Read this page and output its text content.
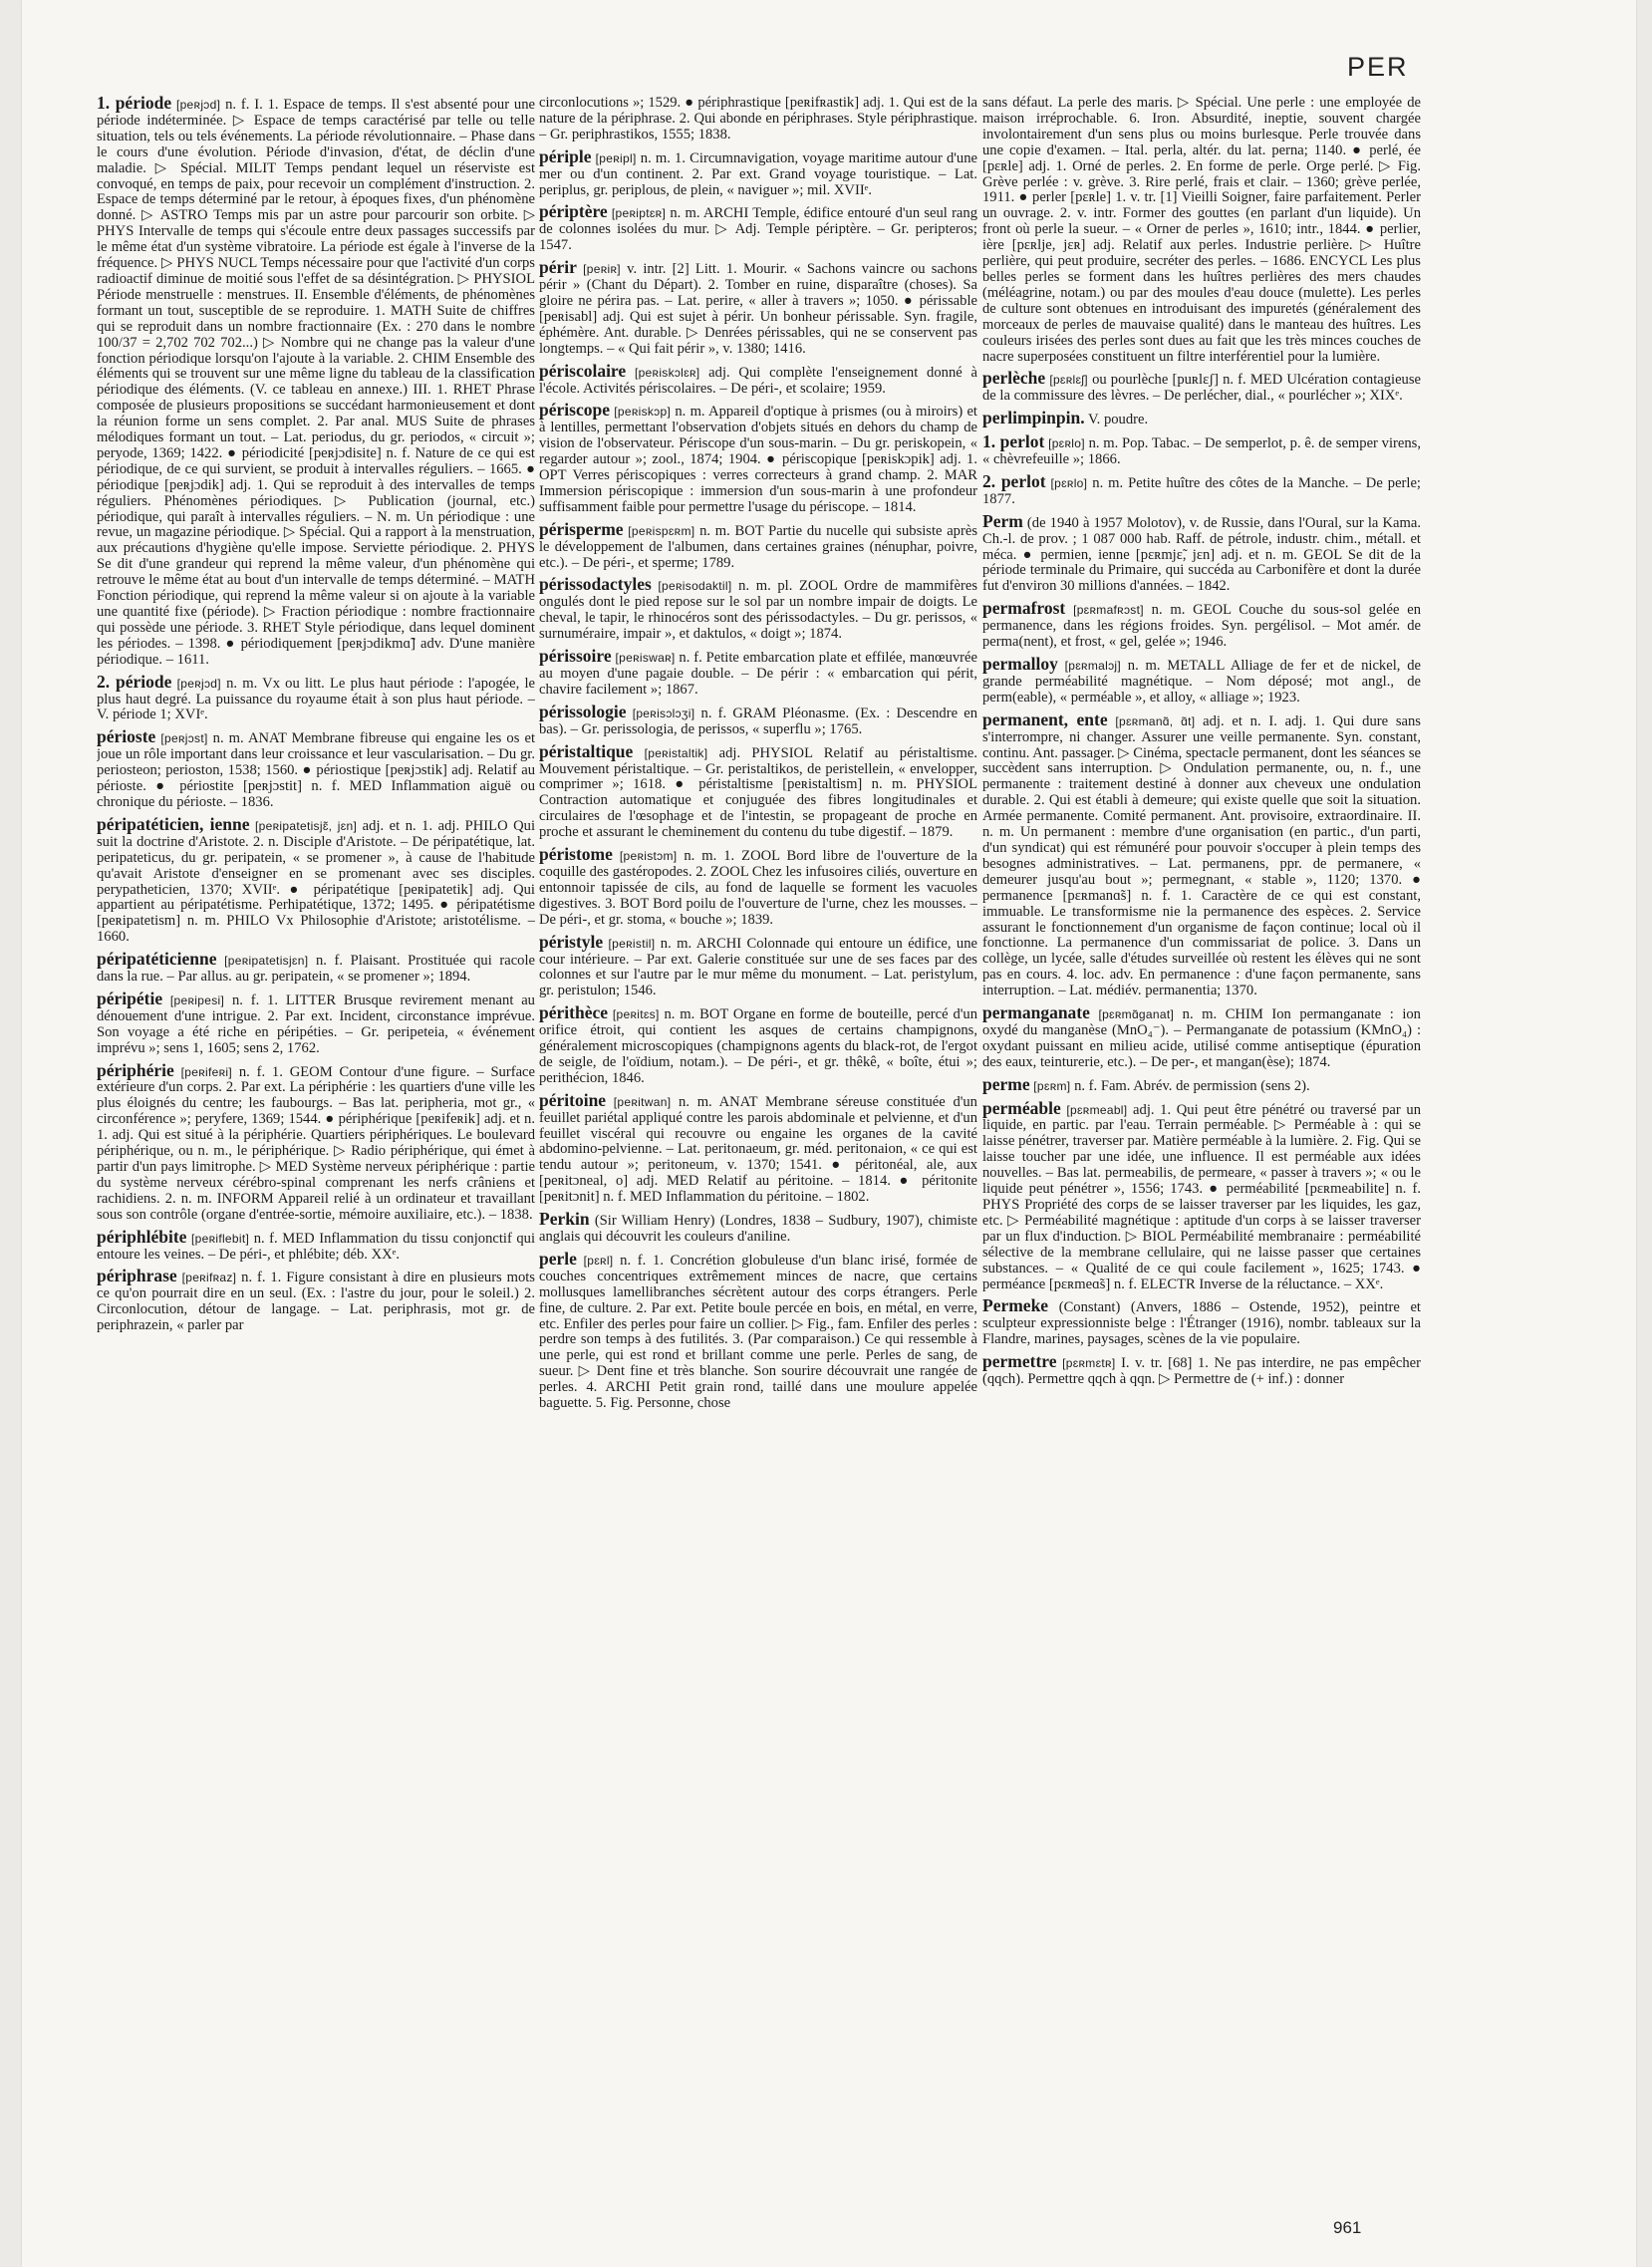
PER

1. période [peʀjɔd] n. f. I. 1. Espace de temps. Il s'est absenté pour une période indéterminée. ▷ Espace de temps caractérisé par telle ou telle situation, tels ou tels événements. La période révolutionnaire. – Phase dans le cours d'une évolution. Période d'invasion, d'état, de déclin d'une maladie. ▷ Spécial. MILIT Temps pendant lequel un réserviste est convoqué, en temps de paix, pour recevoir un complément d'instruction. 2. Espace de temps déterminé par le retour, à époques fixes, d'un phénomène donné. ▷ ASTRO Temps mis par un astre pour parcourir son orbite. ▷ PHYS Intervalle de temps qui s'écoule entre deux passages successifs par le même état d'un système vibratoire. La période est égale à l'inverse de la fréquence. ▷ PHYS NUCL Temps nécessaire pour que l'activité d'un corps radioactif diminue de moitié sous l'effet de sa désintégration. ▷ PHYSIOL Période menstruelle : menstrues. II. Ensemble d'éléments, de phénomènes formant un tout, susceptible de se reproduire. 1. MATH Suite de chiffres qui se reproduit dans un nombre fractionnaire (Ex. : 270 dans le nombre 100/37 = 2,702 702 702...) ▷ Nombre qui ne change pas la valeur d'une fonction périodique lorsqu'on l'ajoute à la variable. 2. CHIM Ensemble des éléments qui se trouvent sur une même ligne du tableau de la classification périodique des éléments. (V. ce tableau en annexe.) III. 1. RHET Phrase composée de plusieurs propositions se succédant harmonieusement et dont la réunion forme un sens complet. 2. Par anal. MUS Suite de phrases mélodiques formant un tout. – Lat. periodus, du gr. periodos, « circuit »; peryode, 1369; 1422. ● périodicité [peʀjɔdisite] n. f. Nature de ce qui est périodique, de ce qui survient, se produit à intervalles réguliers. – 1665. ● périodique [peʀjɔdik] adj. 1. Qui se reproduit à des intervalles de temps réguliers. Phénomènes périodiques. ▷ Publication (journal, etc.) périodique, qui paraît à intervalles réguliers. – N. m. Un périodique : une revue, un magazine périodique. ▷ Spécial. Qui a rapport à la menstruation, aux précautions d'hygiène qu'elle impose. Serviette périodique. 2. PHYS Se dit d'une grandeur qui reprend la même valeur, d'un phénomène qui retrouve le même état au bout d'un intervalle de temps déterminé. – MATH Fonction périodique, qui reprend la même valeur si on ajoute à la variable une quantité fixe (période). ▷ Fraction périodique : nombre fractionnaire qui possède une période. 3. RHET Style périodique, dans lequel dominent les périodes. – 1398. ● périodiquement [peʀjɔdikmɑ̃] adv. D'une manière périodique. – 1611.

2. période [peʀjɔd] n. m. Vx ou litt. Le plus haut période : l'apogée, le plus haut degré. La puissance du royaume était à son plus haut période. – V. période 1; XVIᵉ.

périoste [peʀjɔst] n. m. ANAT Membrane fibreuse qui engaine les os et joue un rôle important dans leur croissance et leur vascularisation. – Du gr. periosteon; perioston, 1538; 1560. ● périostique [peʀjɔstik] adj. Relatif au périoste. ● périostite [peʀjɔstit] n. f. MED Inflammation aiguë ou chronique du périoste. – 1836.

péripatéticien, ienne [peʀipatetisjɛ̃, jɛn] adj. et n. 1. adj. PHILO Qui suit la doctrine d'Aristote. 2. n. Disciple d'Aristote. – De péripatétique, lat. peripateticus, du gr. peripatein, « se promener », à cause de l'habitude qu'avait Aristote d'enseigner en se promenant avec ses disciples. perypatheticien, 1370; XVIIᵉ. ● péripatétique [peʀipatetik] adj. Qui appartient au péripatétisme. Perhipatétique, 1372; 1495. ● péripatétisme [peʀipatetism] n. m. PHILO Vx Philosophie d'Aristote; aristotélisme. – 1660.

péripatéticienne [peʀipatetisjɛn] n. f. Plaisant. Prostituée qui racole dans la rue. – Par allus. au gr. peripatein, « se promener »; 1894.

péripétie [peʀipesi] n. f. 1. LITTER Brusque revirement menant au dénouement d'une intrigue. 2. Par ext. Incident, circonstance imprévue. Son voyage a été riche en péripéties. – Gr. peripeteia, « événement imprévu »; sens 1, 1605; sens 2, 1762.

périphérie [peʀifeʀi] n. f. 1. GEOM Contour d'une figure. – Surface extérieure d'un corps. 2. Par ext. La périphérie : les quartiers d'une ville les plus éloignés du centre; les faubourgs. – Bas lat. peripheria, mot gr., « circonférence »; peryfere, 1369; 1544. ● périphérique [peʀifeʀik] adj. et n. 1. adj. Qui est situé à la périphérie. Quartiers périphériques. Le boulevard périphérique, ou n. m., le périphérique. ▷ Radio périphérique, qui émet à partir d'un pays limitrophe. ▷ MED Système nerveux périphérique : partie du système nerveux cérébro-spinal comprenant les nerfs crâniens et rachidiens. 2. n. m. INFORM Appareil relié à un ordinateur et travaillant sous son contrôle (organe d'entrée-sortie, mémoire auxiliaire, etc.). – 1838.

périphlébite [peʀiflebit] n. f. MED Inflammation du tissu conjonctif qui entoure les veines. – De péri-, et phlébite; déb. XXᵉ.

périphrase [peʀifʀaz] n. f. 1. Figure consistant à dire en plusieurs mots ce qu'on pourrait dire en un seul. (Ex. : l'astre du jour, pour le soleil.) 2. Circonlocution, détour de langage. – Lat. periphrasis, mot gr. de periphrazein, « parler par

circonlocutions »; 1529. ● périphrastique [peʀifʀastik] adj. 1. Qui est de la nature de la périphrase. 2. Qui abonde en périphrases. Style périphrastique. – Gr. periphrastikos, 1555; 1838.

périple [peʀipl] n. m. 1. Circumnavigation, voyage maritime autour d'une mer ou d'un continent. 2. Par ext. Grand voyage touristique. – Lat. periplus, gr. periplous, de plein, « naviguer »; mil. XVIIᵉ.

périptère [peʀiptɛʀ] n. m. ARCHI Temple, édifice entouré d'un seul rang de colonnes isolées du mur. ▷ Adj. Temple périptère. – Gr. peripteros; 1547.

périr [peʀiʀ] v. intr. [2] Litt. 1. Mourir. « Sachons vaincre ou sachons périr » (Chant du Départ). 2. Tomber en ruine, disparaître (choses). Sa gloire ne périra pas. – Lat. perire, « aller à travers »; 1050. ● périssable [peʀisabl] adj. Qui est sujet à périr. Un bonheur périssable. Syn. fragile, éphémère. Ant. durable. ▷ Denrées périssables, qui ne se conservent pas longtemps. – « Qui fait périr », v. 1380; 1416.

périscolaire [peʀiskɔlɛʀ] adj. Qui complète l'enseignement donné à l'école. Activités périscolaires. – De péri-, et scolaire; 1959.

périscope [peʀiskɔp] n. m. Appareil d'optique à prismes (ou à miroirs) et à lentilles, permettant l'observation d'objets situés en dehors du champ de vision de l'observateur. Périscope d'un sous-marin. – Du gr. periskopein, « regarder autour »; zool., 1874; 1904. ● périscopique [peʀiskɔpik] adj. 1. OPT Verres périscopiques : verres correcteurs à grand champ. 2. MAR Immersion périscopique : immersion d'un sous-marin à une profondeur suffisamment faible pour permettre l'usage du périscope. – 1814.

périsperme [peʀispɛʀm] n. m. BOT Partie du nucelle qui subsiste après le développement de l'albumen, dans certaines graines (nénuphar, poivre, etc.). – De péri-, et sperme; 1789.

périssodactyles [peʀisodaktil] n. m. pl. ZOOL Ordre de mammifères ongulés dont le pied repose sur le sol par un nombre impair de doigts. Le cheval, le tapir, le rhinocéros sont des périssodactyles. – Du gr. perissos, « surnuméraire, impair », et daktulos, « doigt »; 1874.

périssoire [peʀiswaʀ] n. f. Petite embarcation plate et effilée, manœuvrée au moyen d'une pagaie double. – De périr : « embarcation qui périt, chavire facilement »; 1867.

périssologie [peʀisɔlɔʒi] n. f. GRAM Pléonasme. (Ex. : Descendre en bas). – Gr. perissologia, de perissos, « superflu »; 1765.

péristaltique [peʀistaltik] adj. PHYSIOL Relatif au péristaltisme. Mouvement péristaltique. – Gr. peristaltikos, de peristellein, « envelopper, comprimer »; 1618. ● péristaltisme [peʀistaltism] n. m. PHYSIOL Contraction automatique et conjuguée des fibres longitudinales et circulaires de l'œsophage et de l'intestin, se propageant de proche en proche et assurant le cheminement du contenu du tube digestif. – 1879.

péristome [peʀistɔm] n. m. 1. ZOOL Bord libre de l'ouverture de la coquille des gastéropodes. 2. ZOOL Chez les infusoires ciliés, ouverture en entonnoir tapissée de cils, au fond de laquelle se forment les vacuoles digestives. 3. BOT Bord poilu de l'ouverture de l'urne, chez les mousses. – De péri-, et gr. stoma, « bouche »; 1839.

péristyle [peʀistil] n. m. ARCHI Colonnade qui entoure un édifice, une cour intérieure. – Par ext. Galerie constituée sur une de ses faces par des colonnes et sur l'autre par le mur même du monument. – Lat. peristylum, gr. peristulon; 1546.

périthèce [peʀitɛs] n. m. BOT Organe en forme de bouteille, percé d'un orifice étroit, qui contient les asques de certains champignons, généralement microscopiques (champignons agents du black-rot, de l'ergot de seigle, de l'oïdium, notam.). – De péri-, et gr. thêkê, « boîte, étui »; perithécion, 1846.

péritoine [peʀitwan] n. m. ANAT Membrane séreuse constituée d'un feuillet pariétal appliqué contre les parois abdominale et pelvienne, et d'un feuillet viscéral qui recouvre ou engaine les organes de la cavité abdomino-pelvienne. – Lat. peritonaeum, gr. méd. peritonaion, « ce qui est tendu autour »; peritoneum, v. 1370; 1541. ● péritonéal, ale, aux [peʀitɔneal, o] adj. MED Relatif au péritoine. – 1814. ● péritonite [peʀitɔnit] n. f. MED Inflammation du péritoine. – 1802.

Perkin (Sir William Henry) (Londres, 1838 – Sudbury, 1907), chimiste anglais qui découvrit les couleurs d'aniline.

perle [pɛʀl] n. f. 1. Concrétion globuleuse d'un blanc irisé, formée de couches concentriques extrêmement minces de nacre, que certains mollusques lamellibranches sécrètent autour des corps étrangers. Perle fine, de culture. 2. Par ext. Petite boule percée en bois, en métal, en verre, etc. Enfiler des perles pour faire un collier. ▷ Fig., fam. Enfiler des perles : perdre son temps à des futilités. 3. (Par comparaison.) Ce qui ressemble à une perle, qui est rond et brillant comme une perle. Perles de sang, de sueur. ▷ Dent fine et très blanche. Son sourire découvrait une rangée de perles. 4. ARCHI Petit grain rond, taillé dans une moulure appelée baguette. 5. Fig. Personne, chose

sans défaut. La perle des maris. ▷ Spécial. Une perle : une employée de maison irréprochable. 6. Iron. Absurdité, ineptie, souvent chargée involontairement d'un sens plus ou moins burlesque. Perle trouvée dans une copie d'examen. – Ital. perla, altér. du lat. perna; 1140. ● perlé, ée [pɛʀle] adj. 1. Orné de perles. 2. En forme de perle. Orge perlé. ▷ Fig. Grève perlée : v. grève. 3. Rire perlé, frais et clair. – 1360; grève perlée, 1911. ● perler [pɛʀle] 1. v. tr. [1] Vieilli Soigner, faire parfaitement. Perler un ouvrage. 2. v. intr. Former des gouttes (en parlant d'un liquide). Un front où perle la sueur. – « Orner de perles », 1610; intr., 1844. ● perlier, ière [pɛʀlje, jɛʀ] adj. Relatif aux perles. Industrie perlière. ▷ Huître perlière, qui peut produire, secréter des perles. – 1686. ENCYCL Les plus belles perles se forment dans les huîtres perlières des mers chaudes (méléagrine, notam.) ou par des moules d'eau douce (mulette). Les perles de culture sont obtenues en introduisant des impuretés (généralement des morceaux de perles de mauvaise qualité) dans le manteau des huîtres. Les couleurs irisées des perles sont dues au fait que les très minces couches de nacre superposées constituent un filtre interférentiel pour la lumière.

perlèche [pɛʀlɛʃ] ou pourlèche [puʀlɛʃ] n. f. MED Ulcération contagieuse de la commissure des lèvres. – De perlécher, dial., « pourlécher »; XIXᵉ.

perlimpinpin. V. poudre.

1. perlot [pɛʀlo] n. m. Pop. Tabac. – De semperlot, p. ê. de semper virens, « chèvrefeuille »; 1866.

2. perlot [pɛʀlo] n. m. Petite huître des côtes de la Manche. – De perle; 1877.

Perm (de 1940 à 1957 Molotov), v. de Russie, dans l'Oural, sur la Kama. Ch.-l. de prov. ; 1 087 000 hab. Raff. de pétrole, industr. chim., métall. et méca. ● permien, ienne [pɛʀmjɛ̃, jɛn] adj. et n. m. GEOL Se dit de la période terminale du Primaire, qui succéda au Carbonifère et dont la durée fut d'environ 30 millions d'années. – 1842.

permafrost [pɛʀmafʀɔst] n. m. GEOL Couche du sous-sol gelée en permanence, dans les régions froides. Syn. pergélisol. – Mot amér. de perma(nent), et frost, « gel, gelée »; 1946.

permalloy [pɛʀmalɔj] n. m. METALL Alliage de fer et de nickel, de grande perméabilité magnétique. – Nom déposé; mot angl., de perm(eable), « perméable », et alloy, « alliage »; 1923.

permanent, ente [pɛʀmanɑ̃, ɑ̃t] adj. et n. I. adj. 1. Qui dure sans s'interrompre, ni changer. Assurer une veille permanente. Syn. constant, continu. Ant. passager. ▷ Cinéma, spectacle permanent, dont les séances se succèdent sans interruption. ▷ Ondulation permanente, ou, n. f., une permanente : traitement destiné à donner aux cheveux une ondulation durable. 2. Qui est établi à demeure; qui existe quelle que soit la situation. Armée permanente. Comité permanent. Ant. provisoire, extraordinaire. II. n. m. Un permanent : membre d'une organisation (en partic., d'un parti, d'un syndicat) qui est rémunéré pour pouvoir s'occuper à plein temps des besognes administratives. – Lat. permanens, ppr. de permanere, « demeurer jusqu'au bout »; permegnant, « stable », 1120; 1370. ● permanence [pɛʀmanɑ̃s] n. f. 1. Caractère de ce qui est constant, immuable. Le transformisme nie la permanence des espèces. 2. Service assurant le fonctionnement d'un organisme de façon continue; local où il fonctionne. La permanence d'un commissariat de police. 3. Dans un collège, un lycée, salle d'études surveillée où restent les élèves qui ne sont pas en cours. 4. loc. adv. En permanence : d'une façon permanente, sans interruption. – Lat. médiév. permanentia; 1370.

permanganate [pɛʀmɑ̃ganat] n. m. CHIM Ion permanganate : ion oxydé du manganèse (MnO₄⁻). – Permanganate de potassium (KMnO₄) : oxydant puissant en milieu acide, utilisé comme antiseptique (épuration des eaux, teinturerie, etc.). – De per-, et mangan(èse); 1874.

perme [pɛʀm] n. f. Fam. Abrév. de permission (sens 2).

perméable [pɛʀmeabl] adj. 1. Qui peut être pénétré ou traversé par un liquide, en partic. par l'eau. Terrain perméable. ▷ Perméable à : qui se laisse pénétrer, traverser par. Matière perméable à la lumière. 2. Fig. Qui se laisse toucher par une idée, une influence. Il est perméable aux idées nouvelles. – Bas lat. permeabilis, de permeare, « passer à travers »; « ou le liquide peut pénétrer », 1556; 1743. ● perméabilité [pɛʀmeabilite] n. f. PHYS Propriété des corps de se laisser traverser par les liquides, les gaz, etc. ▷ Perméabilité magnétique : aptitude d'un corps à se laisser traverser par un flux d'induction. ▷ BIOL Perméabilité membranaire : perméabilité sélective de la membrane cellulaire, qui ne laisse passer que certaines substances. – « Qualité de ce qui coule facilement », 1625; 1743. ● perméance [pɛʀmeɑ̃s] n. f. ELECTR Inverse de la réluctance. – XXᵉ.

Permeke (Constant) (Anvers, 1886 – Ostende, 1952), peintre et sculpteur expressionniste belge : l'Étranger (1916), nombr. tableaux sur la Flandre, marines, paysages, scènes de la vie populaire.

permettre [pɛʀmɛtʀ] I. v. tr. [68] 1. Ne pas interdire, ne pas empêcher (qqch). Permettre qqch à qqn. ▷ Permettre de (+ inf.) : donner

961
